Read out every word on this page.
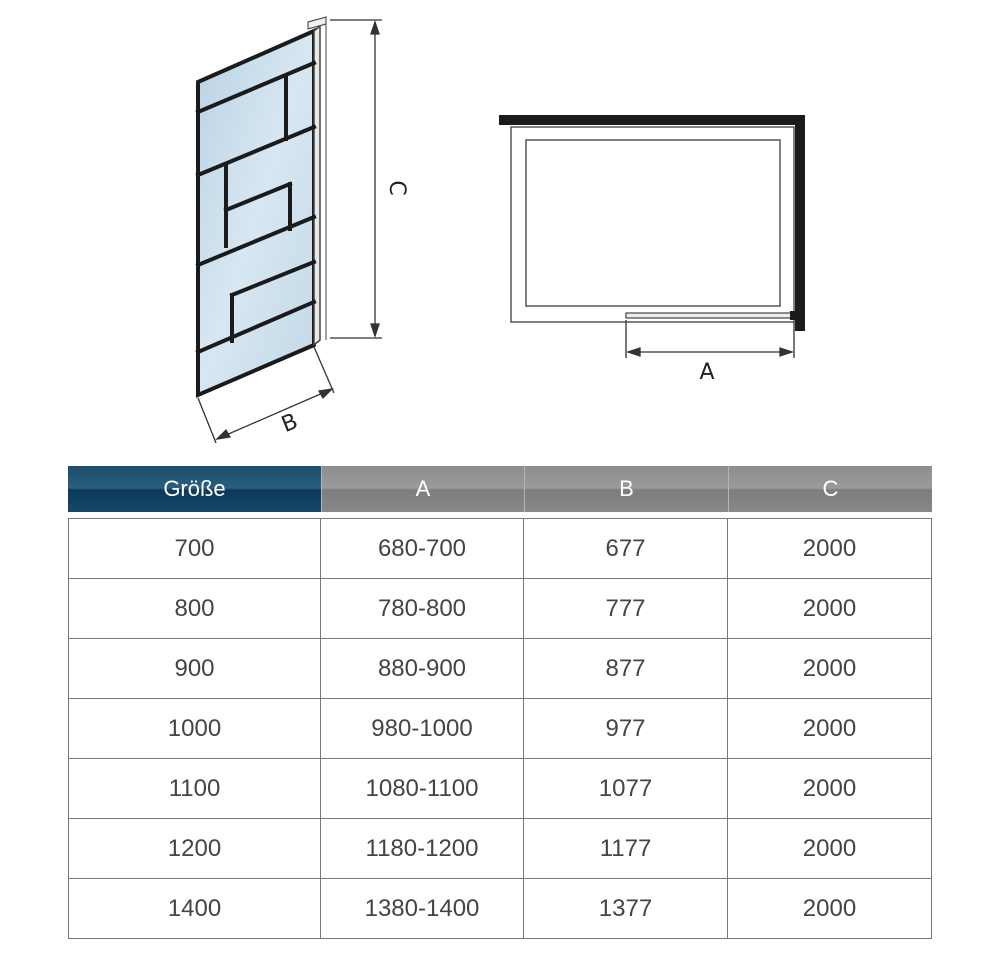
C
B
A
Größe	A	B	C

700	680-700	677	2000
800	780-800	777	2000
900	880-900	877	2000
1000	980-1000	977	2000
1100	1080-1100	1077	2000
1200	1180-1200	1177	2000
1400	1380-1400	1377	2000
